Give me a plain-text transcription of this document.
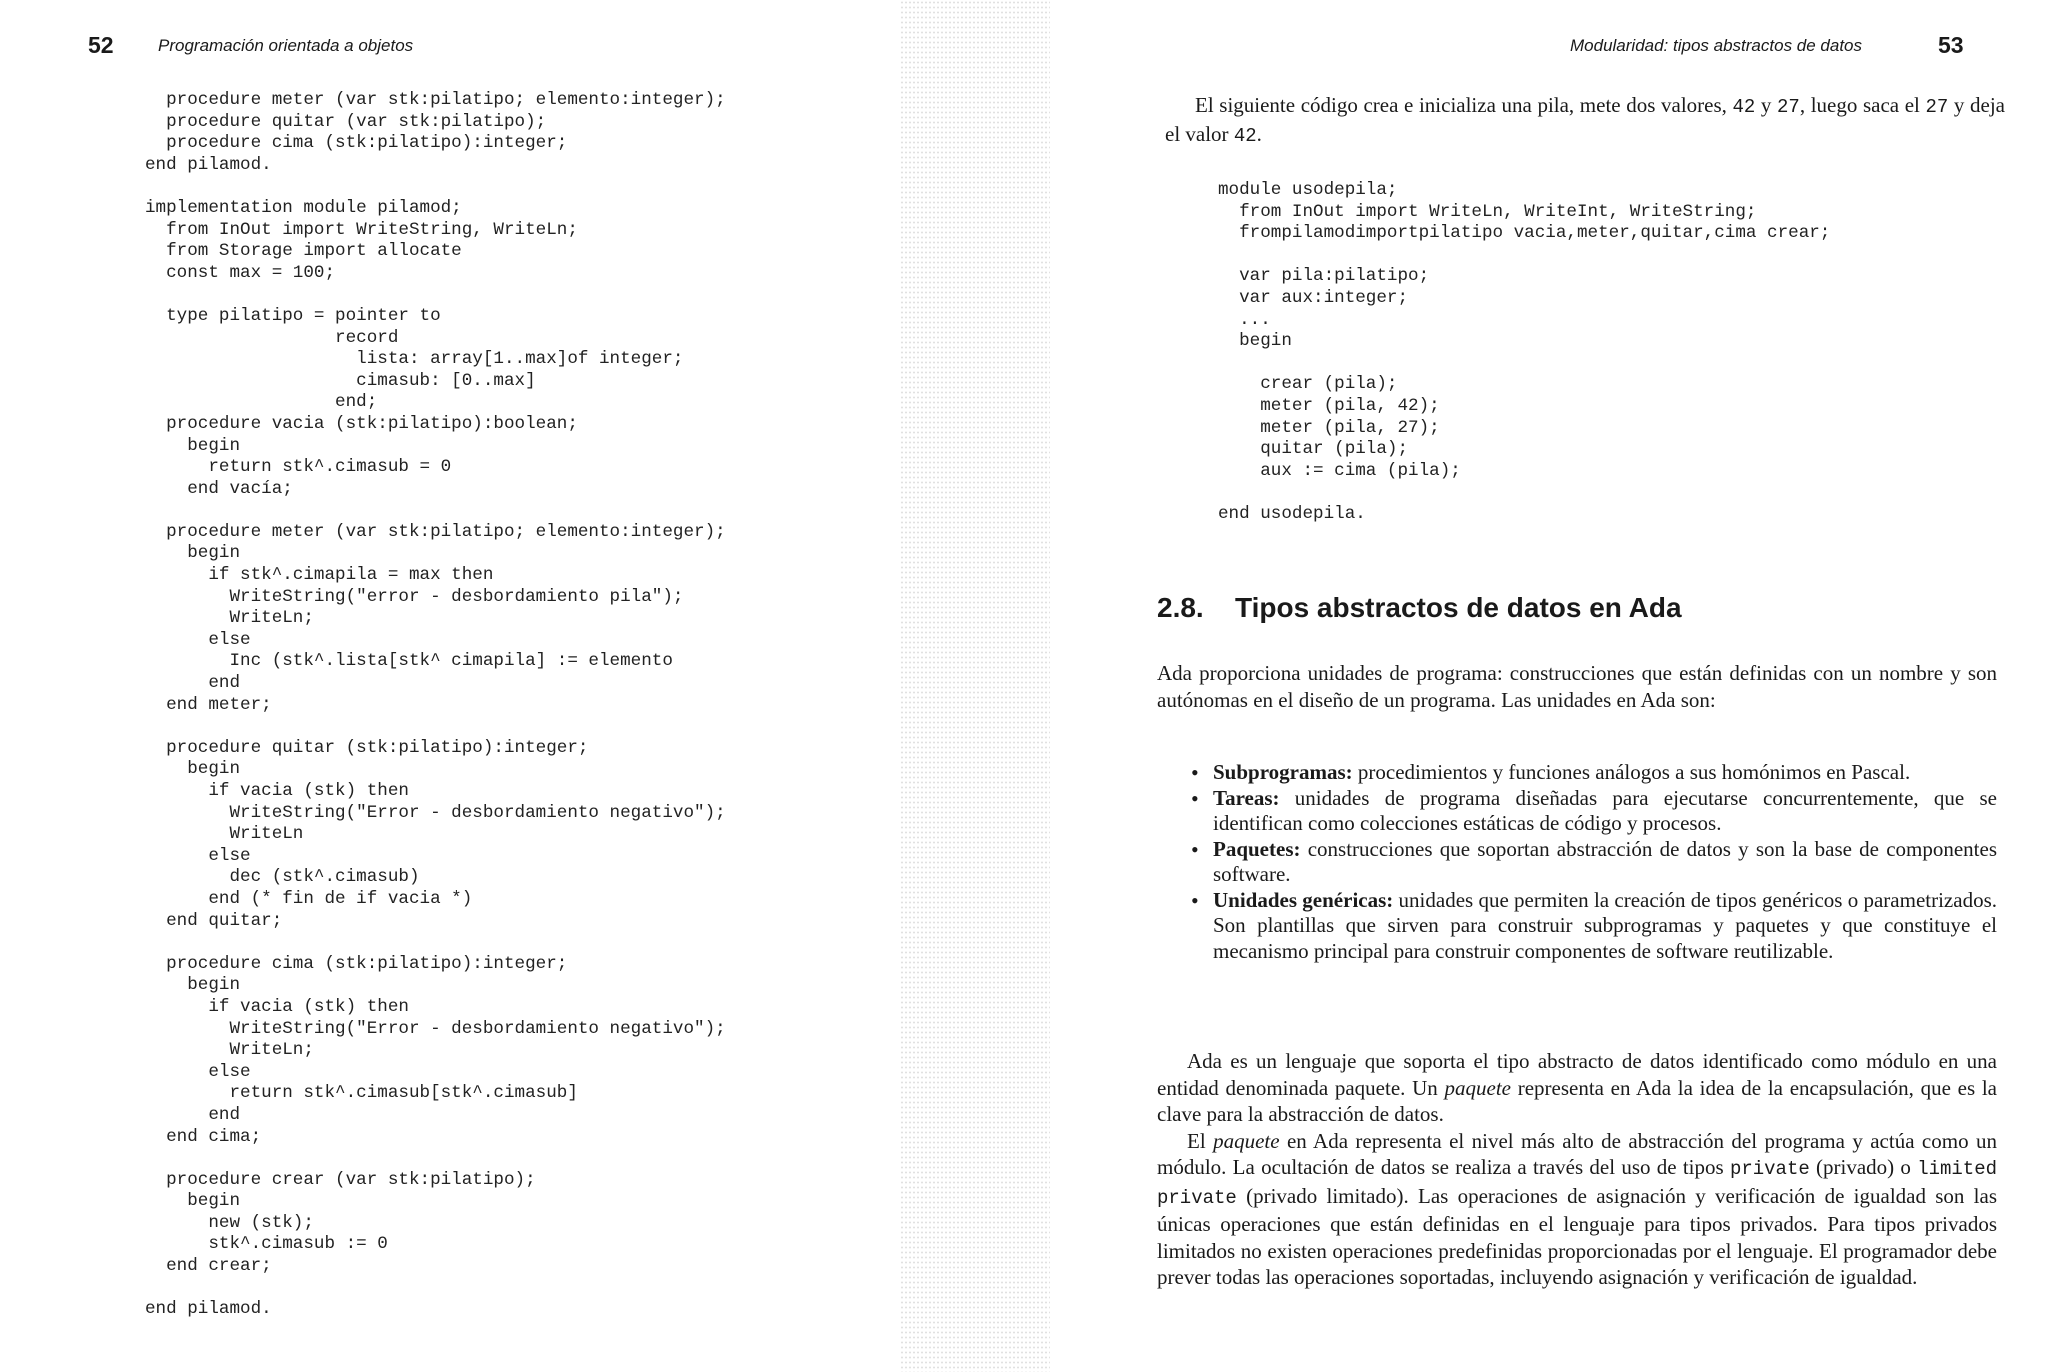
52	Programación orientada a objetos
procedure meter (var stk:pilatipo; elemento:integer);
procedure quitar (var stk:pilatipo);
procedure cima (stk:pilatipo):integer;
end pilamod.

implementation module pilamod;
from InOut import WriteString, WriteLn;
from Storage import allocate
const max = 100;

type pilatipo = pointer to
record
lista: array[1..max]of integer;
cimasub: [0..max]
end;
procedure vacia (stk:pilatipo):boolean;
begin
return stk^.cimasub = 0
end vacía;

procedure meter (var stk:pilatipo; elemento:integer);
begin
if stk^.cimapila = max then
WriteString("error - desbordamiento pila");
WriteLn;
else
Inc (stk^.lista[stk^ cimapila] := elemento
end
end meter;

procedure quitar (stk:pilatipo):integer;
begin
if vacia (stk) then
WriteString("Error - desbordamiento negativo");
WriteLn
else
dec (stk^.cimasub)
end (* fin de if vacia *)
end quitar;

procedure cima (stk:pilatipo):integer;
begin
if vacia (stk) then
WriteString("Error - desbordamiento negativo");
WriteLn;
else
return stk^.cimasub[stk^.cimasub]
end
end cima;

procedure crear (var stk:pilatipo);
begin
new (stk);
stk^.cimasub := 0
end crear;

end pilamod.
Modularidad: tipos abstractos de datos	53

El siguiente código crea e inicializa una pila, mete dos valores, 42 y 27, luego saca el 27 y deja el valor 42.

module usodepila;
from InOut import WriteLn, WriteInt, WriteString;
frompilamodimportpilatipo vacia,meter,quitar,cima crear;

var pila:pilatipo;
var aux:integer;
...
begin

crear (pila);
meter (pila, 42);
meter (pila, 27);
quitar (pila);
aux := cima (pila);

end usodepila.
2.8. Tipos abstractos de datos en Ada
Ada proporciona unidades de programa: construcciones que están definidas con un nombre y son autónomas en el diseño de un programa. Las unidades en Ada son:
• Subprogramas: procedimientos y funciones análogos a sus homónimos en Pascal.
• Tareas: unidades de programa diseñadas para ejecutarse concurrentemente, que se identifican como colecciones estáticas de código y procesos.
• Paquetes: construcciones que soportan abstracción de datos y son la base de componentes software.
• Unidades genéricas: unidades que permiten la creación de tipos genéricos o parametrizados. Son plantillas que sirven para construir subprogramas y paquetes y que constituye el mecanismo principal para construir componentes de software reutilizable.

Ada es un lenguaje que soporta el tipo abstracto de datos identificado como módulo en una entidad denominada paquete. Un paquete representa en Ada la idea de la encapsulación, que es la clave para la abstracción de datos.

El paquete en Ada representa el nivel más alto de abstracción del programa y actúa como un módulo. La ocultación de datos se realiza a través del uso de tipos private (privado) o limited private (privado limitado). Las operaciones de asignación y verificación de igualdad son las únicas operaciones que están definidas en el lenguaje para tipos privados. Para tipos privados limitados no existen operaciones predefinidas proporcionadas por el lenguaje. El programador debe prever todas las operaciones soportadas, incluyendo asignación y verificación de igualdad.
